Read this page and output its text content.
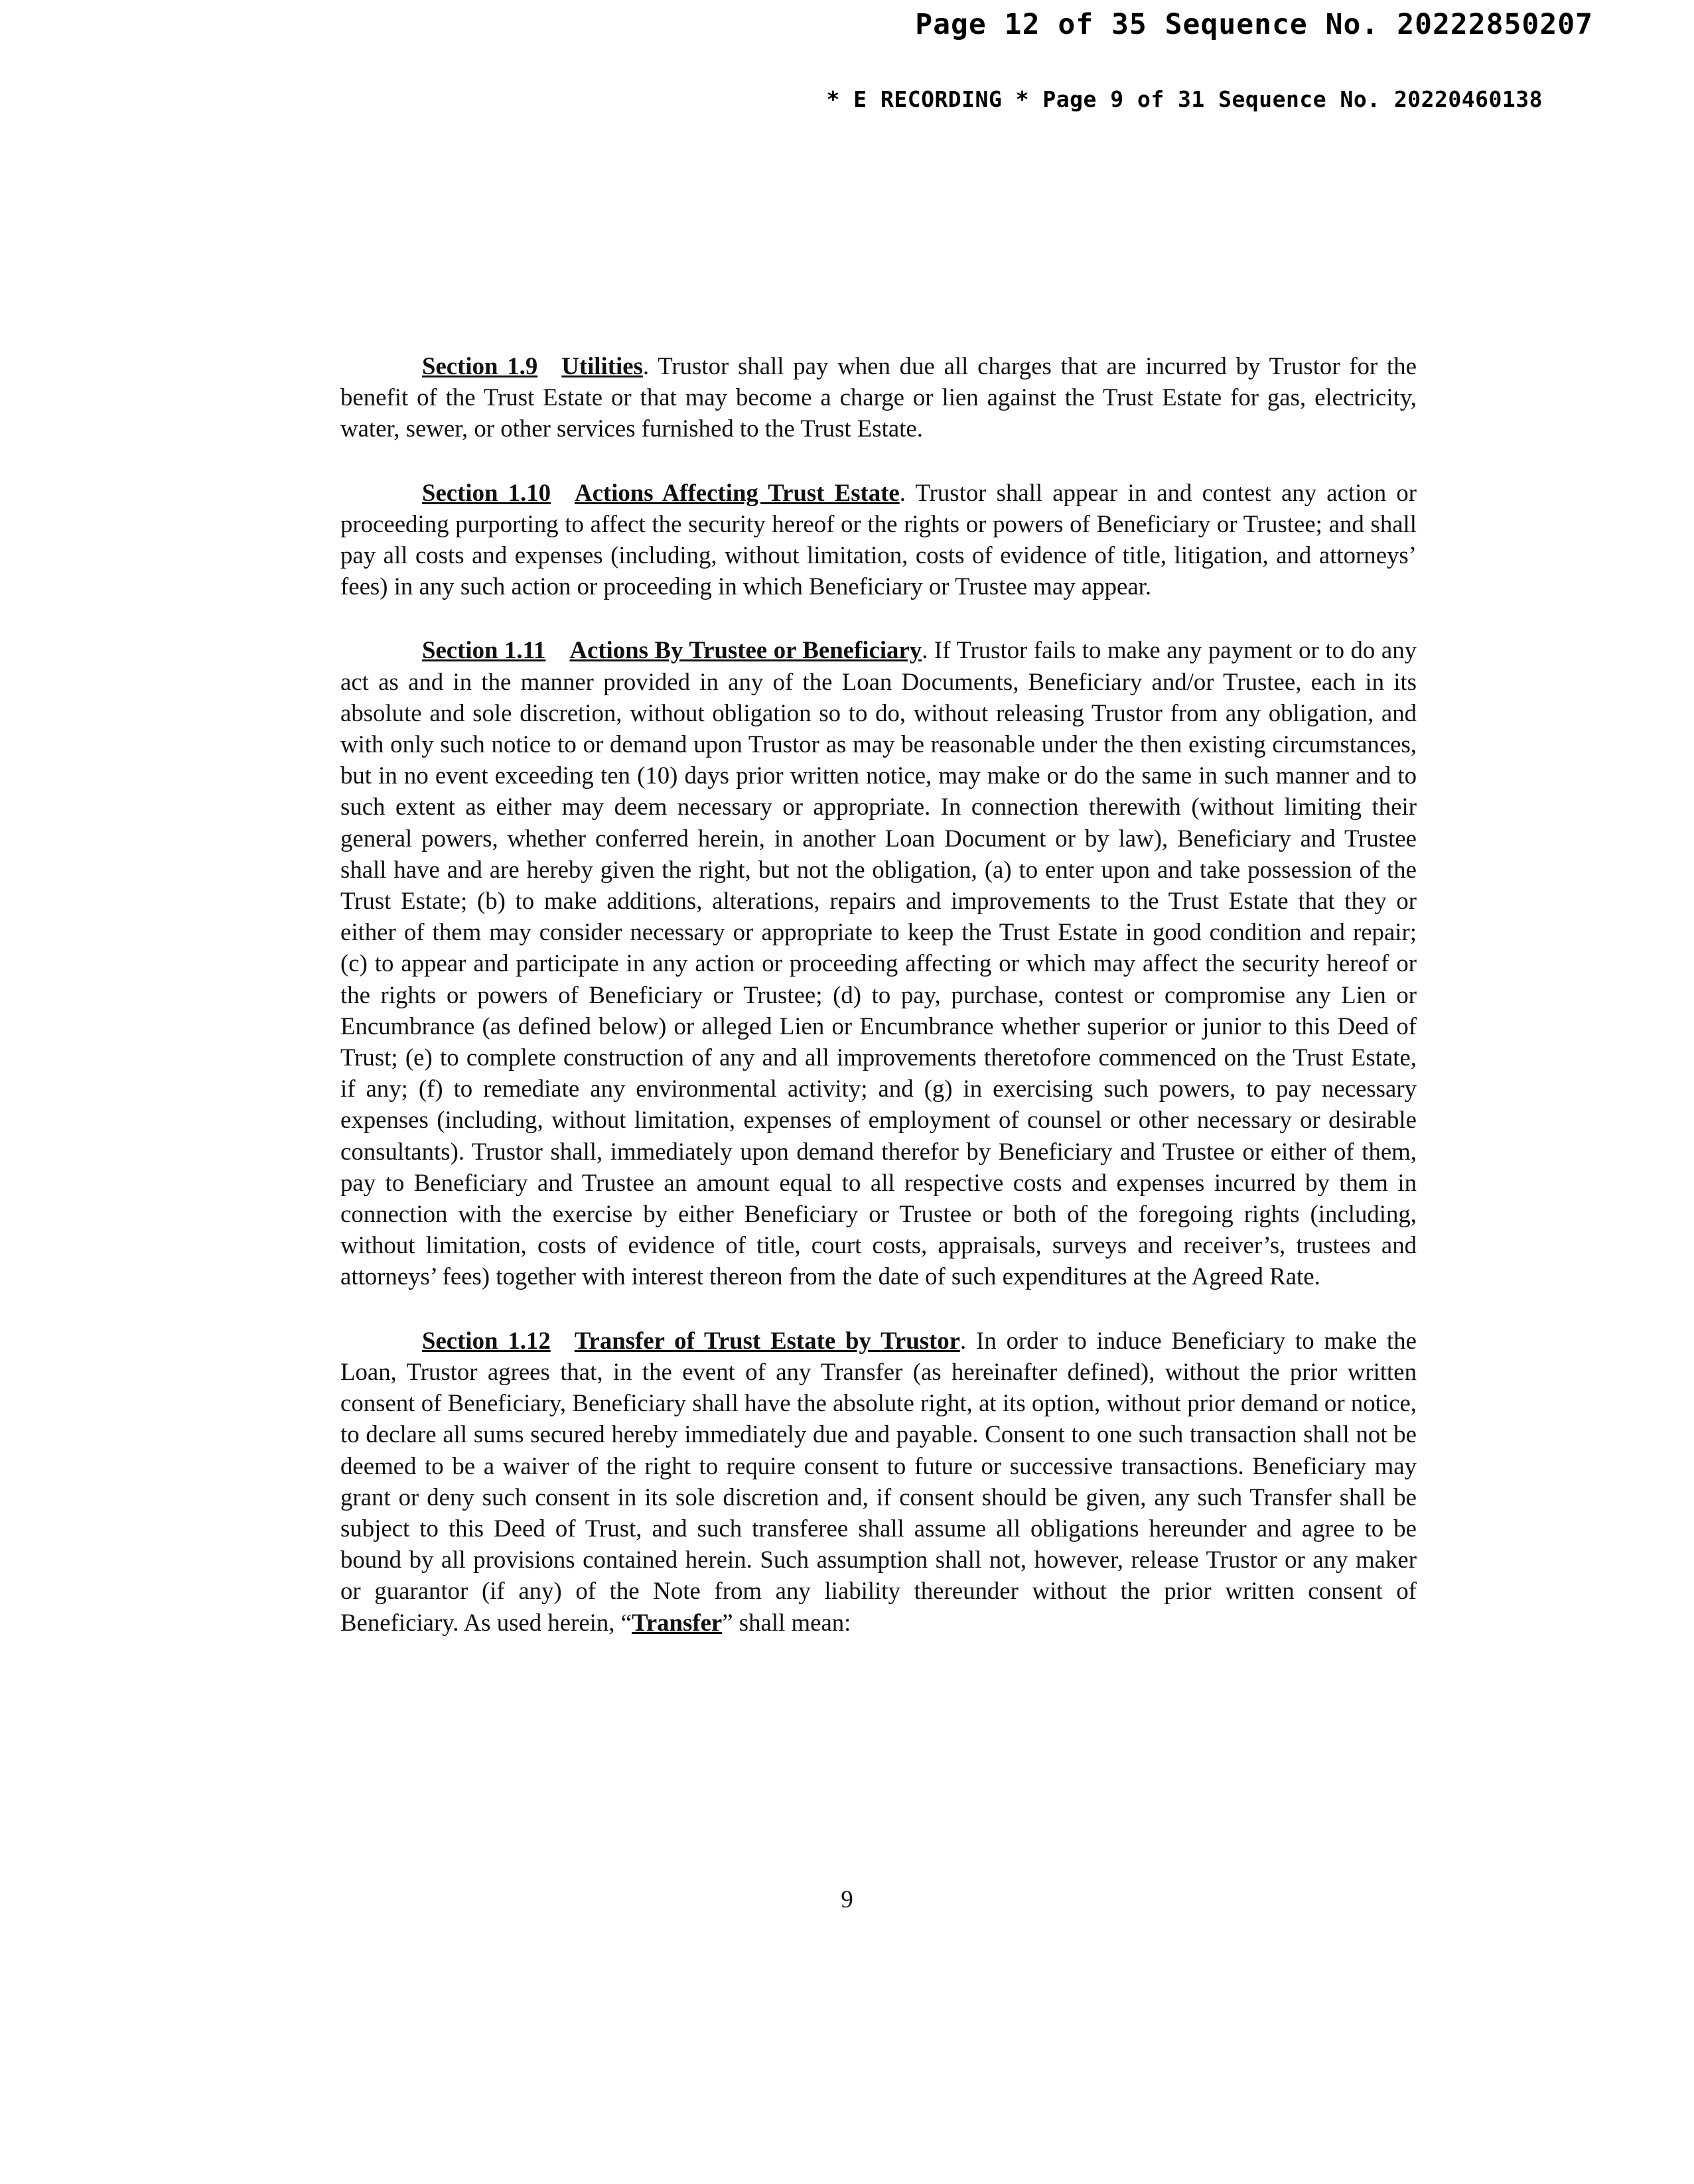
Page 12 of 35 Sequence No. 20222850207
* E RECORDING * Page 9 of 31 Sequence No. 20220460138

Section 1.9 Utilities. Trustor shall pay when due all charges that are incurred by Trustor for the benefit of the Trust Estate or that may become a charge or lien against the Trust Estate for gas, electricity, water, sewer, or other services furnished to the Trust Estate.

Section 1.10 Actions Affecting Trust Estate. Trustor shall appear in and contest any action or proceeding purporting to affect the security hereof or the rights or powers of Beneficiary or Trustee; and shall pay all costs and expenses (including, without limitation, costs of evidence of title, litigation, and attorneys’ fees) in any such action or proceeding in which Beneficiary or Trustee may appear.

Section 1.11 Actions By Trustee or Beneficiary. If Trustor fails to make any payment or to do any act as and in the manner provided in any of the Loan Documents, Beneficiary and/or Trustee, each in its absolute and sole discretion, without obligation so to do, without releasing Trustor from any obligation, and with only such notice to or demand upon Trustor as may be reasonable under the then existing circumstances, but in no event exceeding ten (10) days prior written notice, may make or do the same in such manner and to such extent as either may deem necessary or appropriate. In connection therewith (without limiting their general powers, whether conferred herein, in another Loan Document or by law), Beneficiary and Trustee shall have and are hereby given the right, but not the obligation, (a) to enter upon and take possession of the Trust Estate; (b) to make additions, alterations, repairs and improvements to the Trust Estate that they or either of them may consider necessary or appropriate to keep the Trust Estate in good condition and repair; (c) to appear and participate in any action or proceeding affecting or which may affect the security hereof or the rights or powers of Beneficiary or Trustee; (d) to pay, purchase, contest or compromise any Lien or Encumbrance (as defined below) or alleged Lien or Encumbrance whether superior or junior to this Deed of Trust; (e) to complete construction of any and all improvements theretofore commenced on the Trust Estate, if any; (f) to remediate any environmental activity; and (g) in exercising such powers, to pay necessary expenses (including, without limitation, expenses of employment of counsel or other necessary or desirable consultants). Trustor shall, immediately upon demand therefor by Beneficiary and Trustee or either of them, pay to Beneficiary and Trustee an amount equal to all respective costs and expenses incurred by them in connection with the exercise by either Beneficiary or Trustee or both of the foregoing rights (including, without limitation, costs of evidence of title, court costs, appraisals, surveys and receiver’s, trustees and attorneys’ fees) together with interest thereon from the date of such expenditures at the Agreed Rate.

Section 1.12 Transfer of Trust Estate by Trustor. In order to induce Beneficiary to make the Loan, Trustor agrees that, in the event of any Transfer (as hereinafter defined), without the prior written consent of Beneficiary, Beneficiary shall have the absolute right, at its option, without prior demand or notice, to declare all sums secured hereby immediately due and payable. Consent to one such transaction shall not be deemed to be a waiver of the right to require consent to future or successive transactions. Beneficiary may grant or deny such consent in its sole discretion and, if consent should be given, any such Transfer shall be subject to this Deed of Trust, and such transferee shall assume all obligations hereunder and agree to be bound by all provisions contained herein. Such assumption shall not, however, release Trustor or any maker or guarantor (if any) of the Note from any liability thereunder without the prior written consent of Beneficiary. As used herein, “Transfer” shall mean:

9
